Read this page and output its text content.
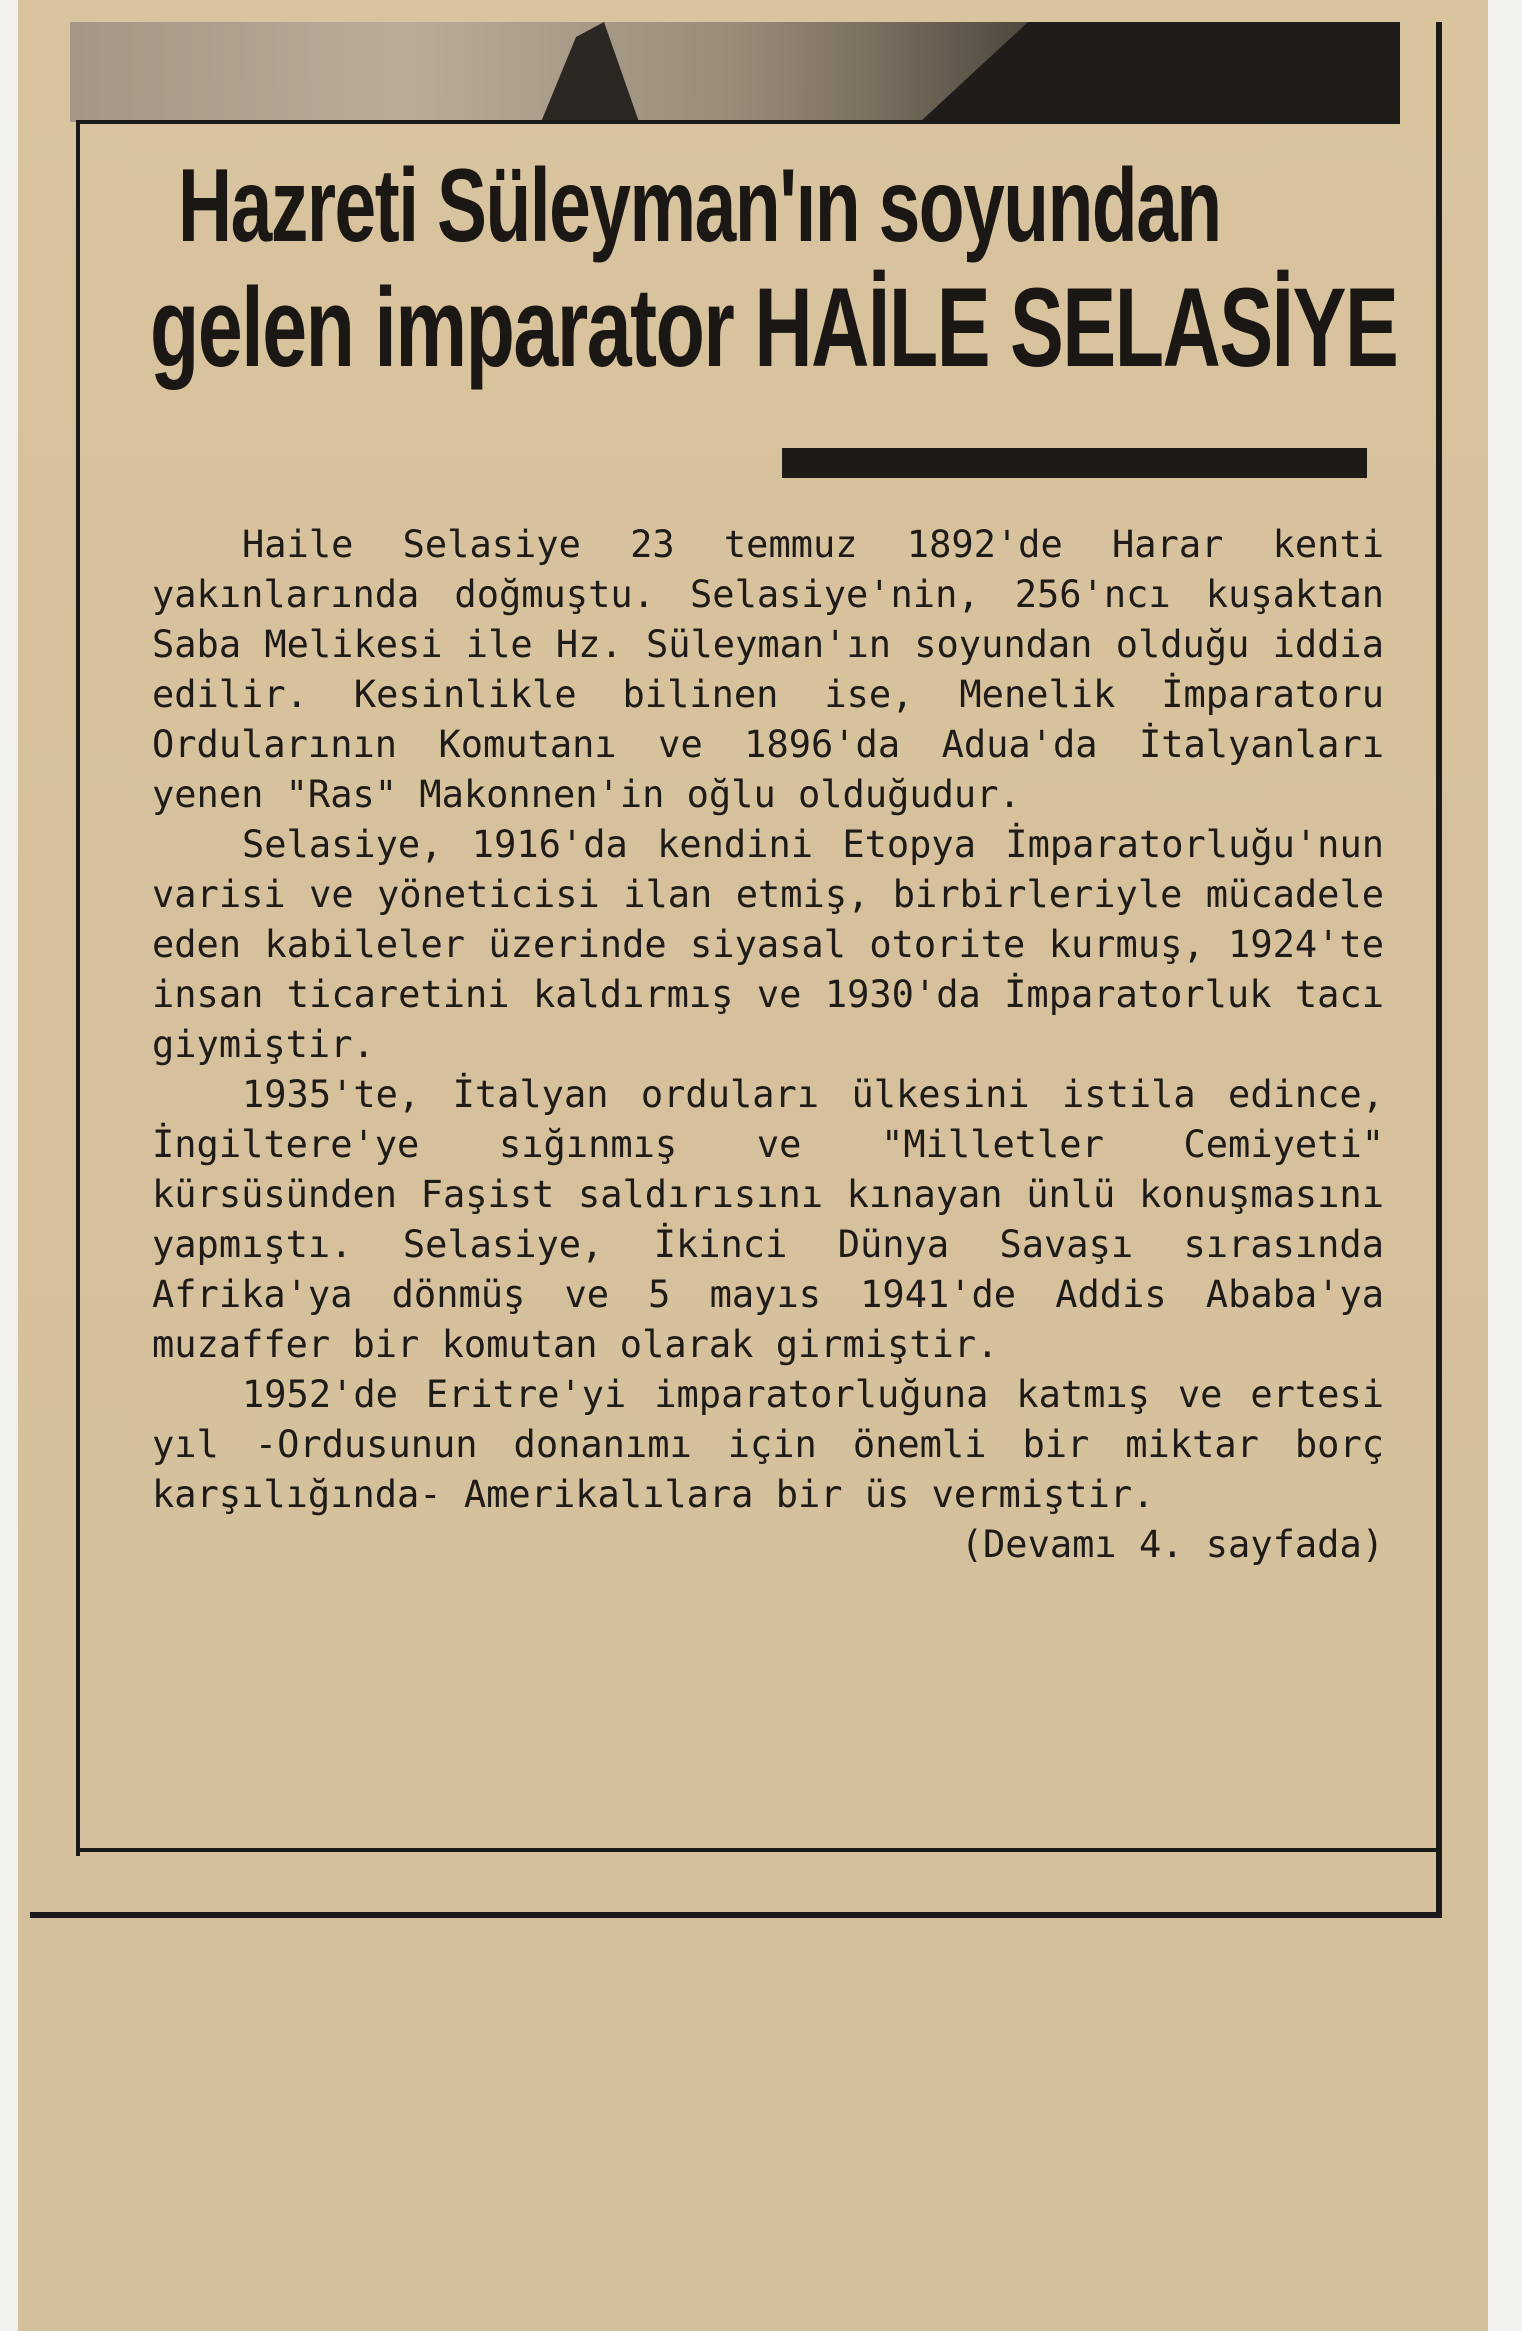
Hazreti Süleyman'ın soyundan
gelen imparator HAİLE SELASİYE

Haile Selasiye 23 temmuz 1892'de Harar kenti yakınlarında doğmuştu. Selasiye'nin, 256'ncı kuşaktan Saba Melikesi ile Hz. Süleyman'ın soyundan olduğu iddia edilir. Kesinlikle bilinen ise, Menelik İmparatoru Ordularının Komutanı ve 1896'da Adua'da İtalyanları yenen "Ras" Makonnen'in oğlu olduğudur.

Selasiye, 1916'da kendini Etopya İmparatorluğu'nun varisi ve yöneticisi ilan etmiş, birbirleriyle mücadele eden kabileler üzerinde siyasal otorite kurmuş, 1924'te insan ticaretini kaldırmış ve 1930'da İmparatorluk tacı giymiştir.

1935'te, İtalyan orduları ülkesini istila edince, İngiltere'ye sığınmış ve "Milletler Cemiyeti" kürsüsünden Faşist saldırısını kınayan ünlü konuşmasını yapmıştı. Selasiye, İkinci Dünya Savaşı sırasında Afrika'ya dönmüş ve 5 mayıs 1941'de Addis Ababa'ya muzaffer bir komutan olarak girmiştir.

1952'de Eritre'yi imparatorluğuna katmış ve ertesi yıl -Ordusunun donanımı için önemli bir miktar borç karşılığında- Amerikalılara bir üs vermiştir.

(Devamı 4. sayfada)
